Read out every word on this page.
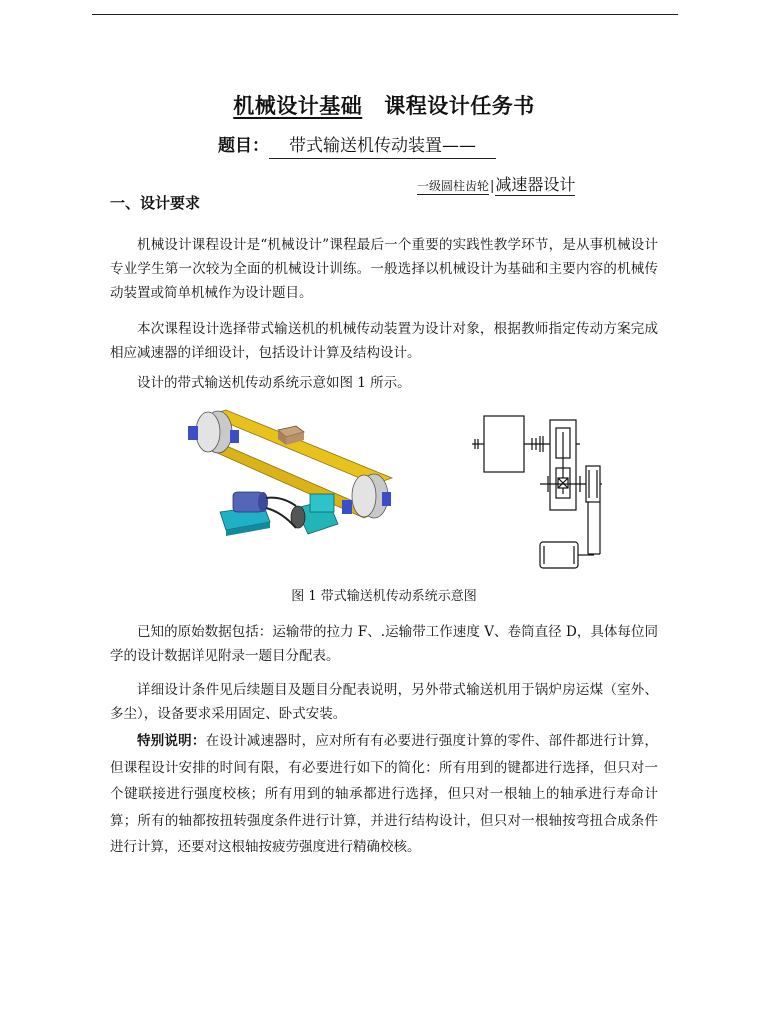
机械设计基础 课程设计任务书
题目： 带式输送机传动装置——
一级圆柱齿轮|减速器设计
一、设计要求
机械设计课程设计是“机械设计”课程最后一个重要的实践性教学环节，是从事机械设计专业学生第一次较为全面的机械设计训练。一般选择以机械设计为基础和主要内容的机械传动装置或简单机械作为设计题目。
本次课程设计选择带式输送机的机械传动装置为设计对象，根据教师指定传动方案完成相应减速器的详细设计，包括设计计算及结构设计。
设计的带式输送机传动系统示意如图 1 所示。
图 1 带式输送机传动系统示意图
已知的原始数据包括：运输带的拉力 F、.运输带工作速度 V、卷筒直径 D，具体每位同学的设计数据详见附录一题目分配表。
详细设计条件见后续题目及题目分配表说明，另外带式输送机用于锅炉房运煤（室外、多尘），设备要求采用固定、卧式安装。
特别说明：在设计减速器时，应对所有有必要进行强度计算的零件、部件都进行计算，但课程设计安排的时间有限，有必要进行如下的简化：所有用到的键都进行选择，但只对一个键联接进行强度校核；所有用到的轴承都进行选择，但只对一根轴上的轴承进行寿命计算；所有的轴都按扭转强度条件进行计算，并进行结构设计，但只对一根轴按弯扭合成条件进行计算，还要对这根轴按疲劳强度进行精确校核。
